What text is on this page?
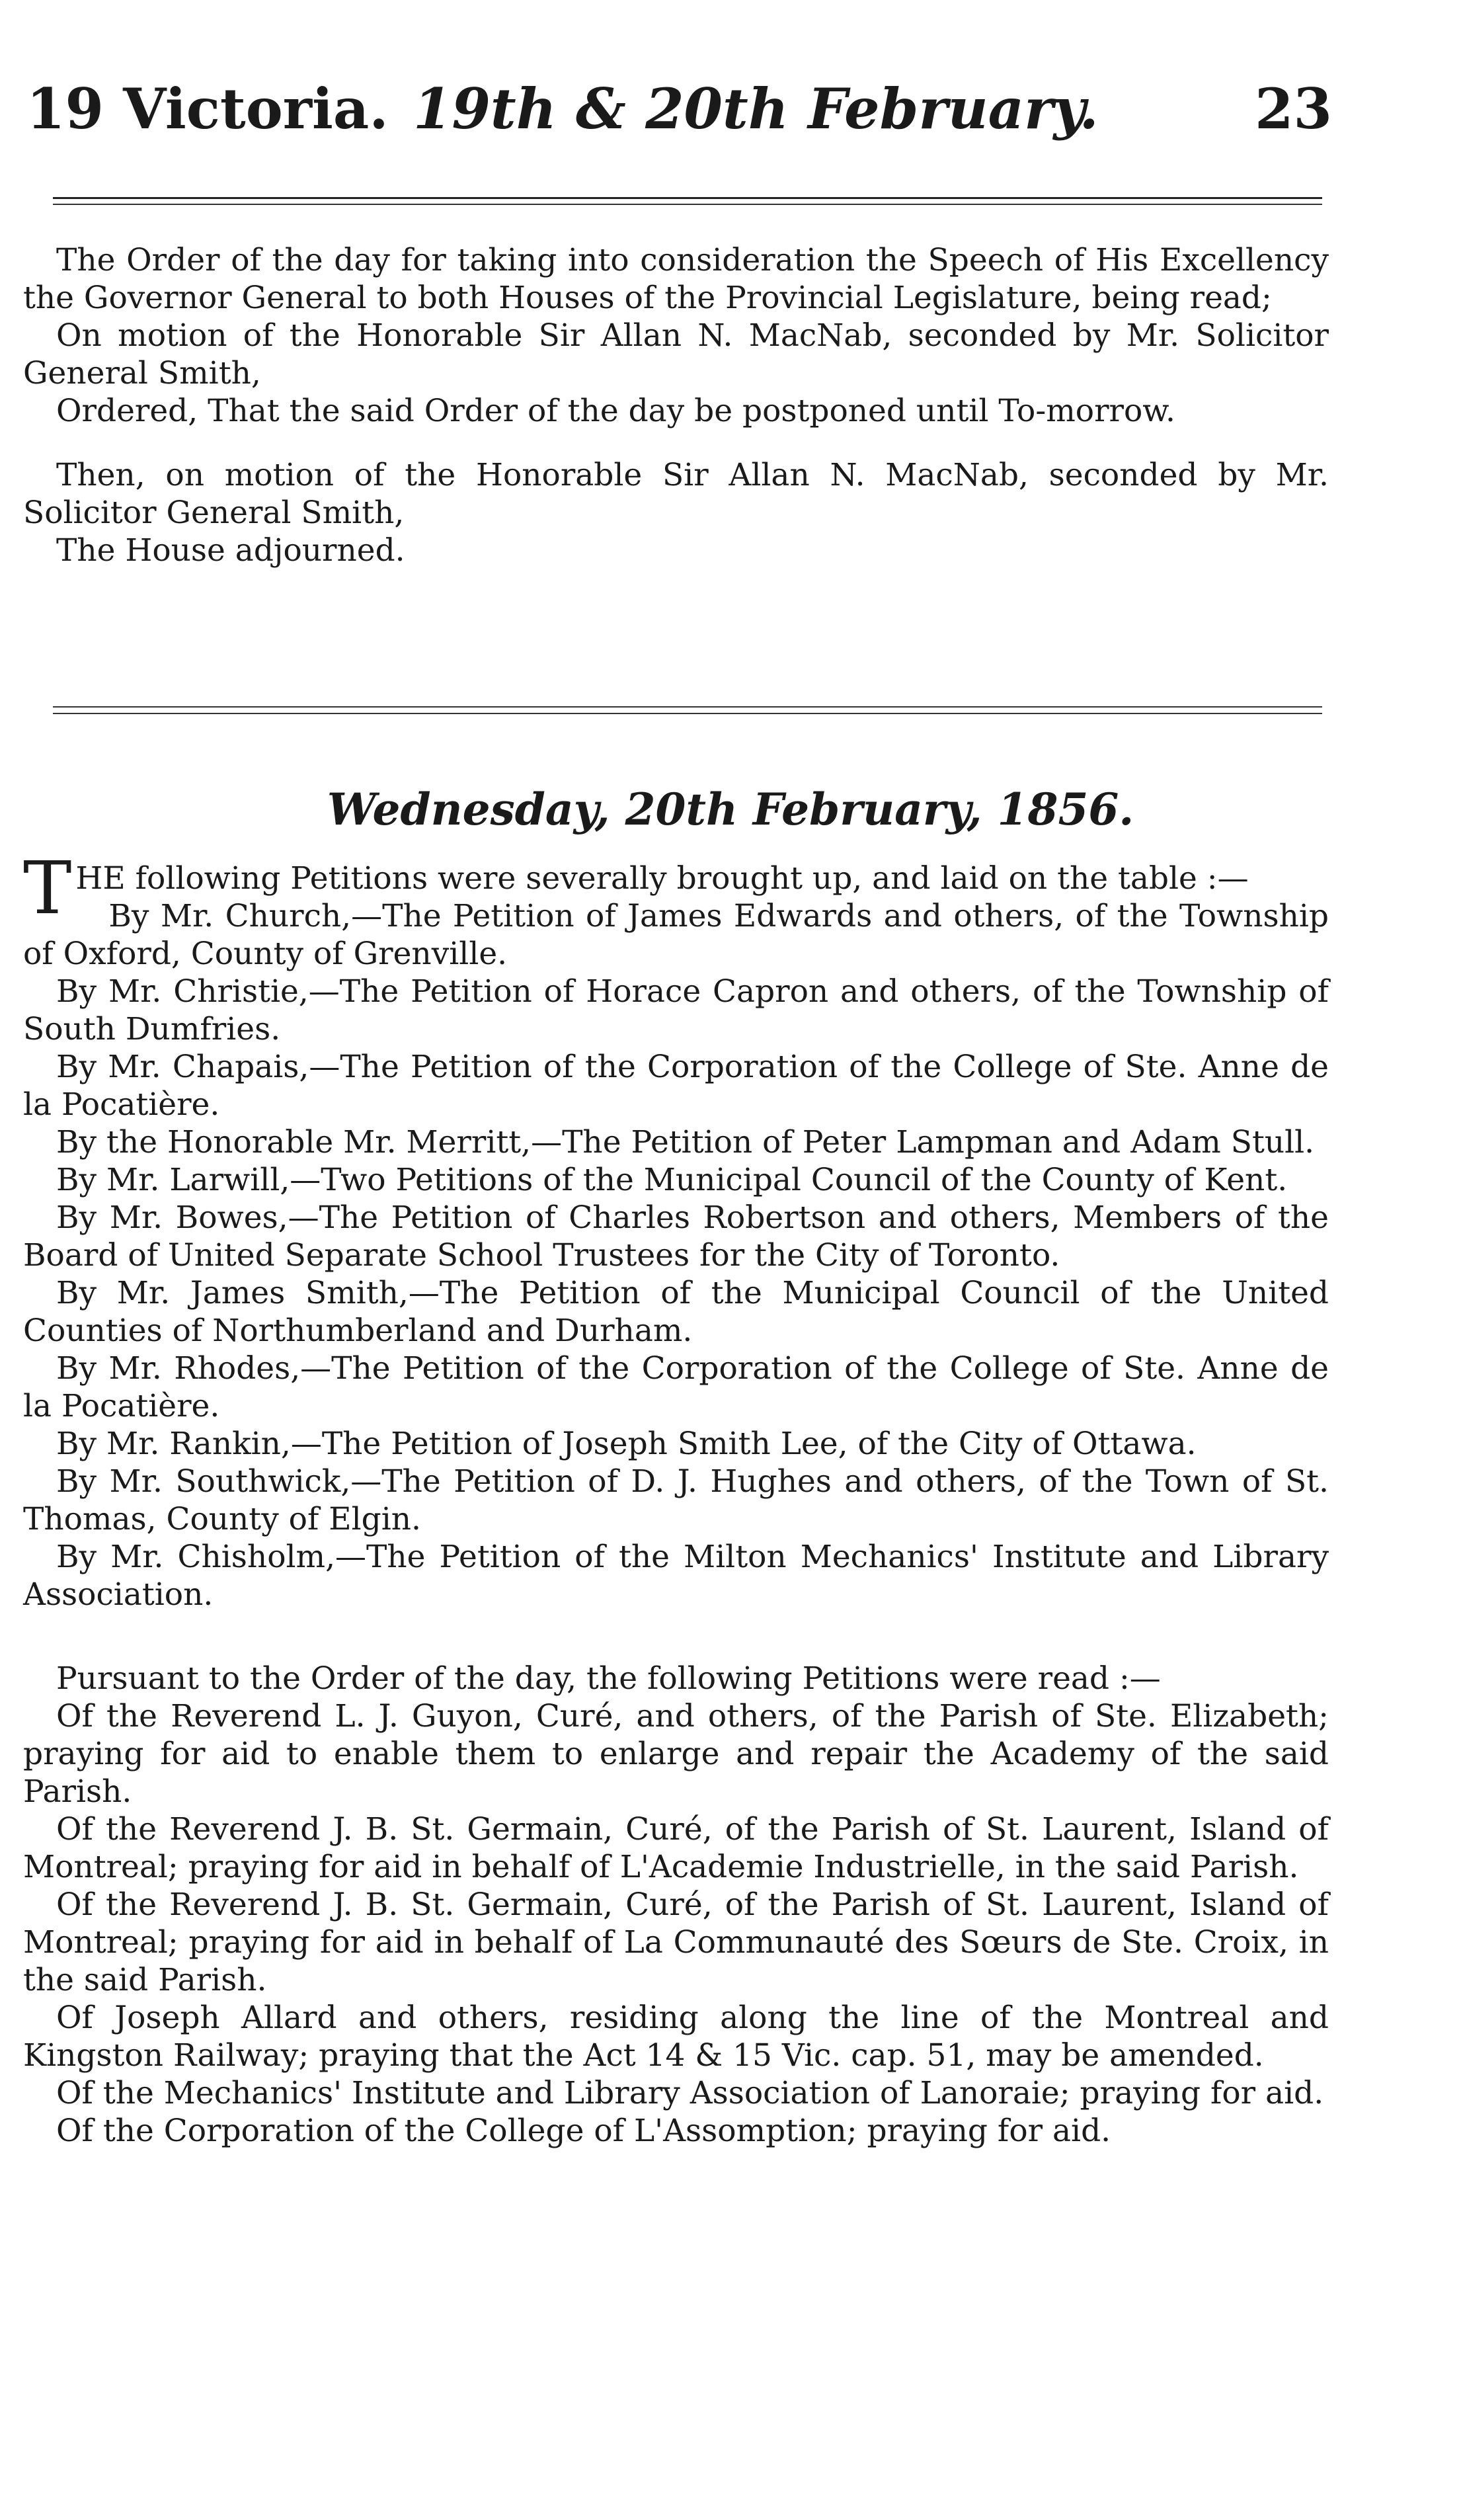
19 Victoria. 19th & 20th February.	23

The Order of the day for taking into consideration the Speech of His Excellency the Governor General to both Houses of the Provincial Legislature, being read;

On motion of the Honorable Sir Allan N. MacNab, seconded by Mr. Solicitor General Smith,

Ordered, That the said Order of the day be postponed until To-morrow.

Then, on motion of the Honorable Sir Allan N. MacNab, seconded by Mr. Solicitor General Smith,

The House adjourned.

Wednesday, 20th February, 1856.

THE following Petitions were severally brought up, and laid on the table :—

By Mr. Church,—The Petition of James Edwards and others, of the Township of Oxford, County of Grenville.

By Mr. Christie,—The Petition of Horace Capron and others, of the Township of South Dumfries.

By Mr. Chapais,—The Petition of the Corporation of the College of Ste. Anne de la Pocatière.

By the Honorable Mr. Merritt,—The Petition of Peter Lampman and Adam Stull.

By Mr. Larwill,—Two Petitions of the Municipal Council of the County of Kent.

By Mr. Bowes,—The Petition of Charles Robertson and others, Members of the Board of United Separate School Trustees for the City of Toronto.

By Mr. James Smith,—The Petition of the Municipal Council of the United Counties of Northumberland and Durham.

By Mr. Rhodes,—The Petition of the Corporation of the College of Ste. Anne de la Pocatière.

By Mr. Rankin,—The Petition of Joseph Smith Lee, of the City of Ottawa.

By Mr. Southwick,—The Petition of D. J. Hughes and others, of the Town of St. Thomas, County of Elgin.

By Mr. Chisholm,—The Petition of the Milton Mechanics' Institute and Library Association.

Pursuant to the Order of the day, the following Petitions were read :—

Of the Reverend L. J. Guyon, Curé, and others, of the Parish of Ste. Elizabeth; praying for aid to enable them to enlarge and repair the Academy of the said Parish.

Of the Reverend J. B. St. Germain, Curé, of the Parish of St. Laurent, Island of Montreal; praying for aid in behalf of L'Academie Industrielle, in the said Parish.

Of the Reverend J. B. St. Germain, Curé, of the Parish of St. Laurent, Island of Montreal; praying for aid in behalf of La Communauté des Sœurs de Ste. Croix, in the said Parish.

Of Joseph Allard and others, residing along the line of the Montreal and Kingston Railway; praying that the Act 14 & 15 Vic. cap. 51, may be amended.

Of the Mechanics' Institute and Library Association of Lanoraie; praying for aid.

Of the Corporation of the College of L'Assomption; praying for aid.
